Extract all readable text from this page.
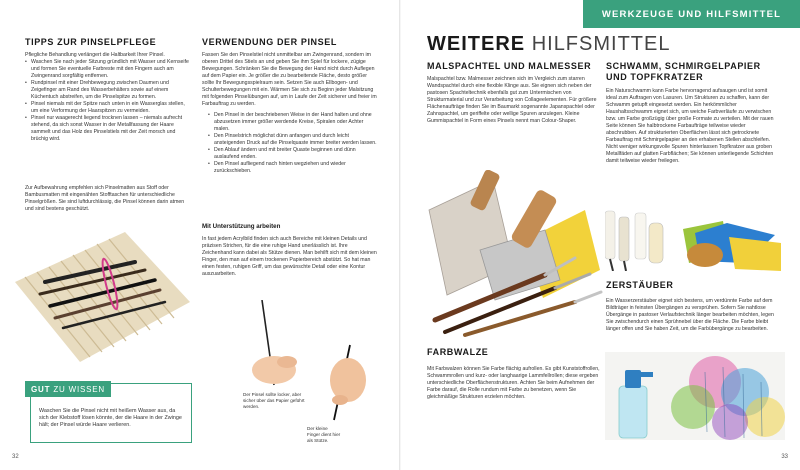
TIPPS ZUR PINSELPFLEGE

Pflegliche Behandlung verlängert die Haltbarkeit Ihrer Pinsel.

• Waschen Sie nach jeder Sitzung gründlich mit Wasser und Kernseife und formen Sie eventuelle Farbreste mit den Fingern auch am Zwingenrand sorgfältig entfernen.
• Rundpinsel mit einer Drehbewegung zwischen Daumen und Zeigefinger am Rand des Wasserbehälters sowie auf einem Küchentuch abstreifen, um die Pinselspitze zu formen.
• Pinsel niemals mit der Spitze nach unten in ein Wasserglas stellen, um eine Verformung der Haarspitzen zu vermeiden.
• Pinsel nur waagerecht liegend trocknen lassen – niemals aufrecht stehend, da sich sonst Wasser in der Metallfassung der Haare sammelt und das Holz des Pinselstiels mit der Zeit morsch und brüchig wird.

Zur Aufbewahrung empfehlen sich Pinselmatten aus Stoff oder Bambusmatten mit eingenähten Stofftaschen für unterschiedliche Pinselgrößen. Sie sind luftdurchlässig, die Pinsel können darin atmen und sind bestens geschützt.

Waschen Sie die Pinsel nicht mit heißem Wasser aus, da sich der Klebstoff lösen könnte, der die Haare in der Zwinge hält; der Pinsel würde Haare verlieren.

GUT
ZU WISSEN
VERWENDUNG DER PINSEL

Fassen Sie den Pinselstiel nicht unmittelbar am Zwingenrand, sondern im oberen Drittel des Stiels an und geben Sie ihm Spiel für lockere, zügige Bewegungen. Schränken Sie die Bewegung der Hand nicht durch Auflegen auf dem Papier ein. Je größer die zu bearbeitende Fläche, desto größer sollte Ihr Bewegungsspielraum sein. Setzen Sie auch Ellbogen- und Schulterbewegungen mit ein. Wärmen Sie sich zu Beginn jeder Malsitzung mit folgenden Pinselübungen auf, um in Laufe der Zeit sicherer und freier im Farbauftrag zu werden.

• Den Pinsel in der beschriebenen Weise in der Hand halten und ohne abzusetzen immer größer werdende Kreise, Spiralen oder Achter malen.
• Den Pinselstrich möglichst dünn anfangen und durch leicht ansteigenden Druck auf die Pinselquaste immer breiter werden lassen.
• Den Ablauf ändern und mit breiter Quaste beginnen und dünn auslaufend enden.
• Den Pinsel aufliegend nach hinten wegziehen und wieder zurückschieben.
Mit Unterstützung arbeiten

In fast jedem Acrylbild finden sich auch Bereiche mit kleinen Details und präzisen Strichen, für die eine ruhige Hand unerlässlich ist. Ihre Zeichenhand kann dabei als Stütze dienen. Man behilft sich mit dem kleinen Finger, den man auf einem trockenen Papierbereich abstützt. So hat man einen festen, ruhigen Griff, um das gewünschte Detail oder eine Kontur auszuarbeiten.

Der Pinsel sollte locker, aber sicher über das Papier geführt werden.

Der kleine Finger dient hier als Stütze.

32
WERKZEUGE UND HILFSMITTEL
WEITERE HILFSMITTEL
MALSPACHTEL UND MALMESSER

Malspachtel bzw. Malmesser zeichnen sich im Vergleich zum starren Wandspachtel durch eine flexible Klinge aus. Sie eignen sich neben der pastosen Spachteltechnik ebenfalls gut zum Untermischen von Strukturmaterial und zur Verarbeitung von Collageelementen. Für größere Flächenaufträge finden Sie im Baumarkt sogenannte Japanspachtel oder Zahnspachtel, um geriffelte oder wellige Spuren anzulegen. Kleine Gummispachtel in Form eines Pinsels nennt man Colour-Shaper.

FARBWALZE

Mit Farbwalzen können Sie Farbe flächig aufrollen. Es gibt Kunststoffrollen, Schwammrollen und kurz- oder langhaarige Lammfellrollen; diese ergeben unterschiedliche Oberflächenstrukturen. Achten Sie beim Aufnehmen der Farbe darauf, die Rolle rundum mit Farbe zu benetzen, wenn Sie gleichmäßige Strukturen erzielen möchten.

SCHWAMM, SCHMIRGELPAPIER UND TOPFKRATZER

Ein Naturschwamm kann Farbe hervorragend aufsaugen und ist somit ideal zum Auftragen von Lasuren. Um Strukturen zu schaffen, kann der Schwamm getupft eingesetzt werden. Ein herkömmlicher Haushaltsschwamm eignet sich, um weiche Farbverläufe zu verwischen bzw. um Farbe großzügig über große Formate zu verteilen. Mit der rauen Seite können Sie halbtrockene Farbaufträge teilweise wieder abschrubben. Auf strukturierten Oberflächen lässt sich getrocknete Farbauftrag mit Schmirgelpapier an den erhabenen Stellen abschleifen. Nicht weniger wirkungsvolle Spuren hinterlassen Topfkratzer aus groben Metallfäden auf glatten Farbflächen; Sie können unterliegende Schichten damit teilweise wieder freilegen.

ZERSTÄUBER

Ein Wasserzerstäuber eignet sich bestens, um verdünnte Farbe auf dem Bildträger in feinsten Übergängen zu versprühen. Sofern Sie nahtlose Übergänge in pastoser Verlaufstechnik länger bearbeiten möchten, legen Sie zwischendurch einen Sprühnebel über die Fläche. Die Farbe bleibt länger offen und Sie haben Zeit, um die Farbübergänge zu bearbeiten.

33
